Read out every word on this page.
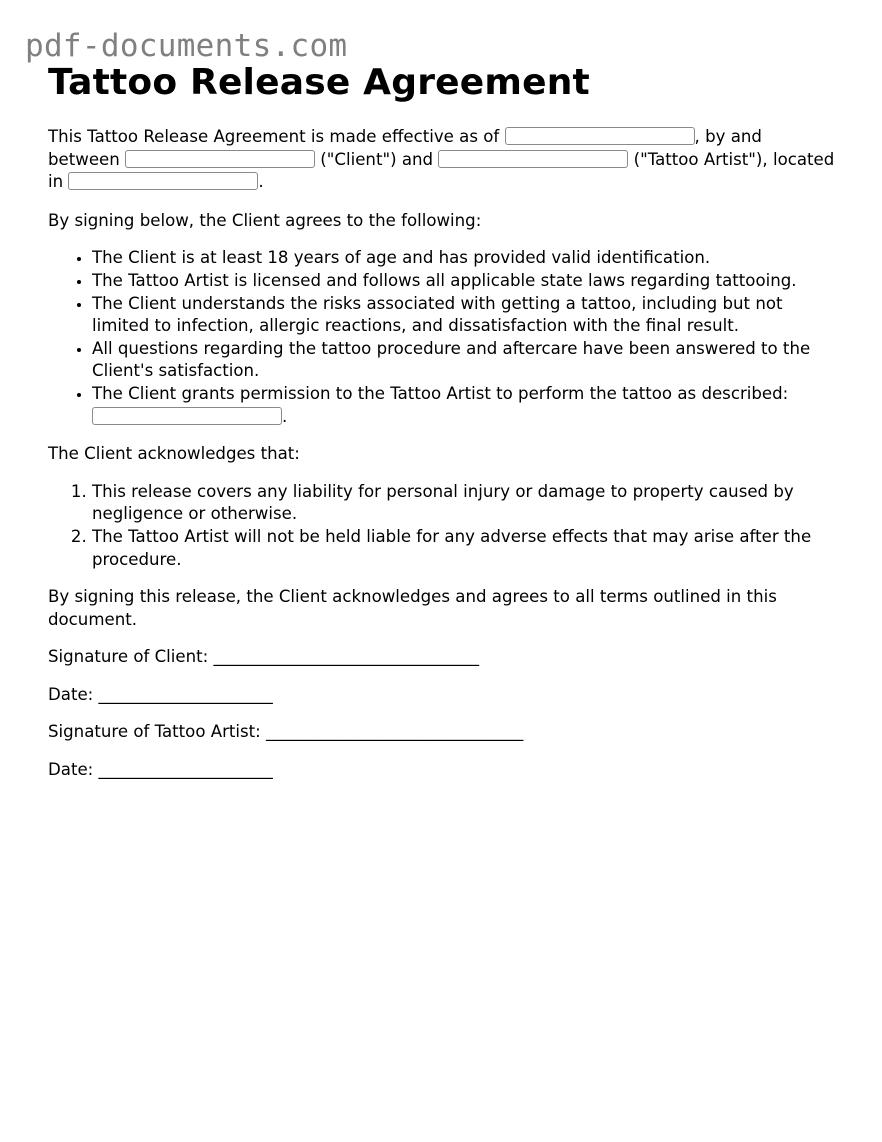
pdf-documents.com
Tattoo Release Agreement

This Tattoo Release Agreement is made effective as of	, by and between	("Client") and	("Tattoo Artist"), located in	.

By signing below, the Client agrees to the following:

• The Client is at least 18 years of age and has provided valid identification.
• The Tattoo Artist is licensed and follows all applicable state laws regarding tattooing.
• The Client understands the risks associated with getting a tattoo, including but not limited to infection, allergic reactions, and dissatisfaction with the final result.
• All questions regarding the tattoo procedure and aftercare have been answered to the Client's satisfaction.
• The Client grants permission to the Tattoo Artist to perform the tattoo as described: .

The Client acknowledges that:

1. This release covers any liability for personal injury or damage to property caused by negligence or otherwise.
2. The Tattoo Artist will not be held liable for any adverse effects that may arise after the procedure.

By signing this release, the Client acknowledges and agrees to all terms outlined in this document.

Signature of Client: ________________________________

Date: _____________________

Signature of Tattoo Artist: _______________________________

Date: _____________________
